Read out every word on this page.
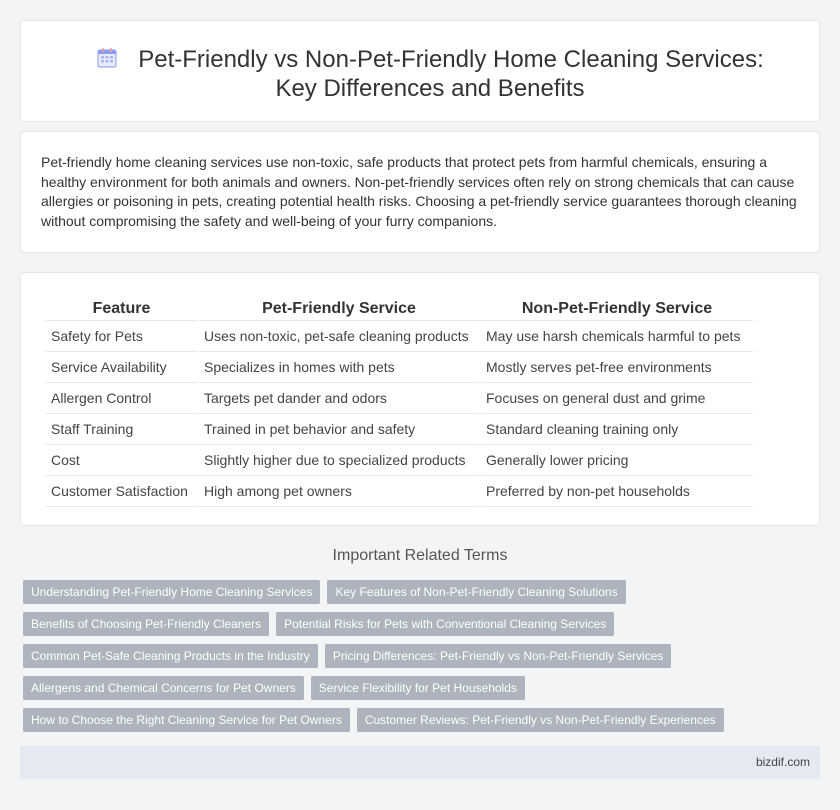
Pet-Friendly vs Non-Pet-Friendly Home Cleaning Services: Key Differences and Benefits

Pet-friendly home cleaning services use non-toxic, safe products that protect pets from harmful chemicals, ensuring a healthy environment for both animals and owners. Non-pet-friendly services often rely on strong chemicals that can cause allergies or poisoning in pets, creating potential health risks. Choosing a pet-friendly service guarantees thorough cleaning without compromising the safety and well-being of your furry companions.

Feature	Pet-Friendly Service	Non-Pet-Friendly Service
Safety for Pets	Uses non-toxic, pet-safe cleaning products	May use harsh chemicals harmful to pets
Service Availability	Specializes in homes with pets	Mostly serves pet-free environments
Allergen Control	Targets pet dander and odors	Focuses on general dust and grime
Staff Training	Trained in pet behavior and safety	Standard cleaning training only
Cost	Slightly higher due to specialized products	Generally lower pricing
Customer Satisfaction	High among pet owners	Preferred by non-pet households
Important Related Terms
Understanding Pet-Friendly Home Cleaning Services	Key Features of Non-Pet-Friendly Cleaning Solutions
Benefits of Choosing Pet-Friendly Cleaners	Potential Risks for Pets with Conventional Cleaning Services
Common Pet-Safe Cleaning Products in the Industry	Pricing Differences: Pet-Friendly vs Non-Pet-Friendly Services
Allergens and Chemical Concerns for Pet Owners	Service Flexibility for Pet Households
How to Choose the Right Cleaning Service for Pet Owners	Customer Reviews: Pet-Friendly vs Non-Pet-Friendly Experiences
bizdif.com
